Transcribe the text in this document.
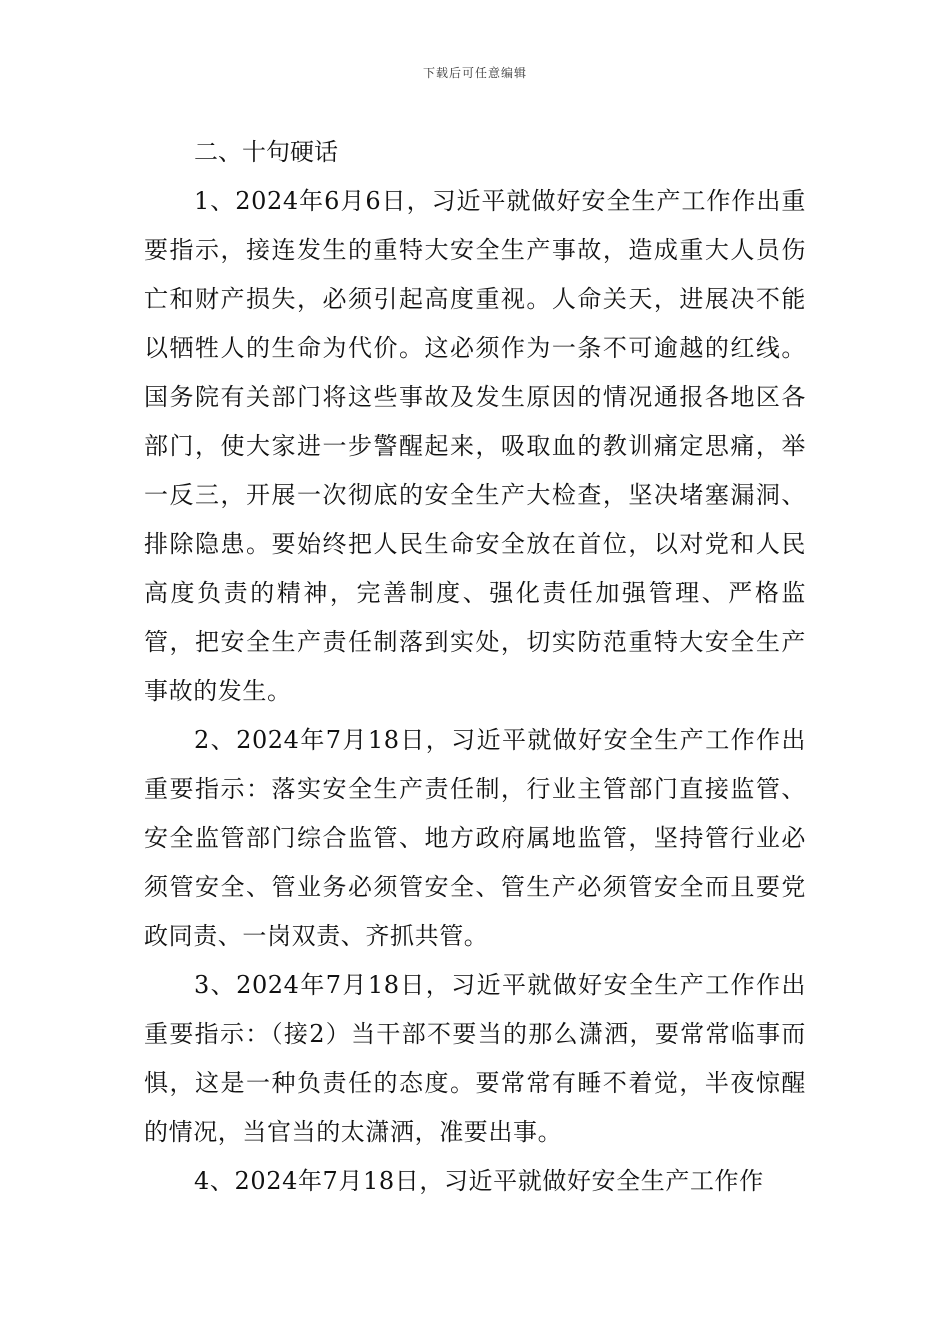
下载后可任意编辑
二、十句硬话

1、2024年6月6日，习近平就做好安全生产工作作出重要指示，接连发生的重特大安全生产事故，造成重大人员伤亡和财产损失，必须引起高度重视。人命关天，进展决不能以牺牲人的生命为代价。这必须作为一条不可逾越的红线。国务院有关部门将这些事故及发生原因的情况通报各地区各部门，使大家进一步警醒起来，吸取血的教训痛定思痛，举一反三，开展一次彻底的安全生产大检查，坚决堵塞漏洞、排除隐患。要始终把人民生命安全放在首位，以对党和人民高度负责的精神，完善制度、强化责任加强管理、严格监管，把安全生产责任制落到实处，切实防范重特大安全生产事故的发生。

2、2024年7月18日，习近平就做好安全生产工作作出重要指示：落实安全生产责任制，行业主管部门直接监管、安全监管部门综合监管、地方政府属地监管，坚持管行业必须管安全、管业务必须管安全、管生产必须管安全而且要党政同责、一岗双责、齐抓共管。

3、2024年7月18日，习近平就做好安全生产工作作出重要指示：（接2）当干部不要当的那么潇洒，要常常临事而惧，这是一种负责任的态度。要常常有睡不着觉，半夜惊醒的情况，当官当的太潇洒，准要出事。

4、2024年7月18日，习近平就做好安全生产工作作
